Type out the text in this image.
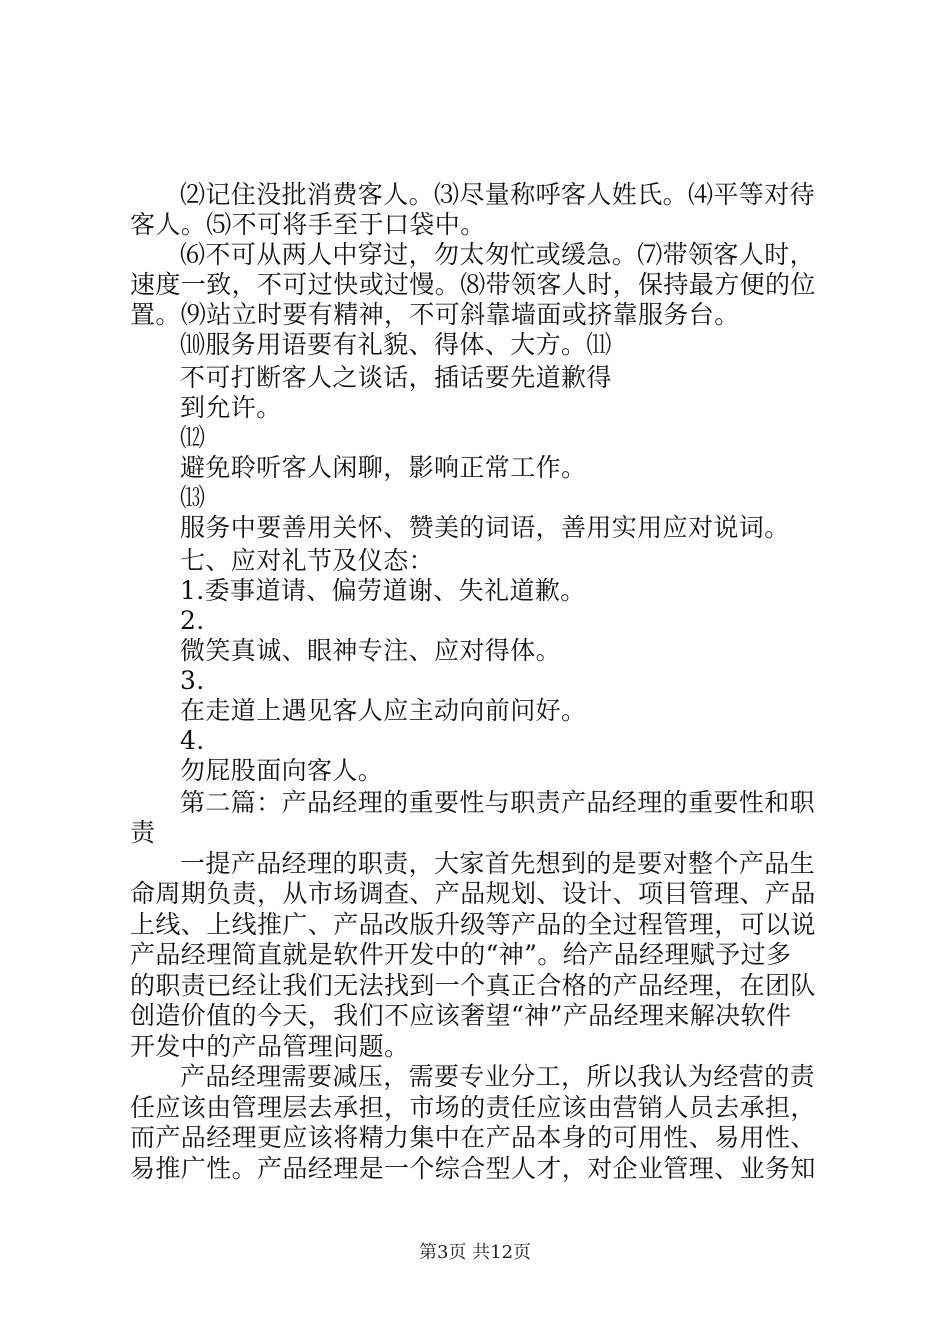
⑵记住没批消费客人。⑶尽量称呼客人姓氏。⑷平等对待
客人。⑸不可将手至于口袋中。
⑹不可从两人中穿过，勿太匆忙或缓急。⑺带领客人时，
速度一致，不可过快或过慢。⑻带领客人时，保持最方便的位
置。⑼站立时要有精神，不可斜靠墙面或挤靠服务台。
⑽服务用语要有礼貌、得体、大方。⑾
不可打断客人之谈话，插话要先道歉得
到允许。
⑿
避免聆听客人闲聊，影响正常工作。
⒀
服务中要善用关怀、赞美的词语，善用实用应对说词。
七、应对礼节及仪态：
1.委事道请、偏劳道谢、失礼道歉。
2.
微笑真诚、眼神专注、应对得体。
3.
在走道上遇见客人应主动向前问好。
4.
勿屁股面向客人。
第二篇：产品经理的重要性与职责产品经理的重要性和职
责
一提产品经理的职责，大家首先想到的是要对整个产品生
命周期负责，从市场调查、产品规划、设计、项目管理、产品
上线、上线推广、产品改版升级等产品的全过程管理，可以说
产品经理简直就是软件开发中的“神”。给产品经理赋予过多
的职责已经让我们无法找到一个真正合格的产品经理，在团队
创造价值的今天，我们不应该奢望“神”产品经理来解决软件
开发中的产品管理问题。
产品经理需要减压，需要专业分工，所以我认为经营的责
任应该由管理层去承担，市场的责任应该由营销人员去承担，
而产品经理更应该将精力集中在产品本身的可用性、易用性、
易推广性。产品经理是一个综合型人才，对企业管理、业务知
第3页 共12页
